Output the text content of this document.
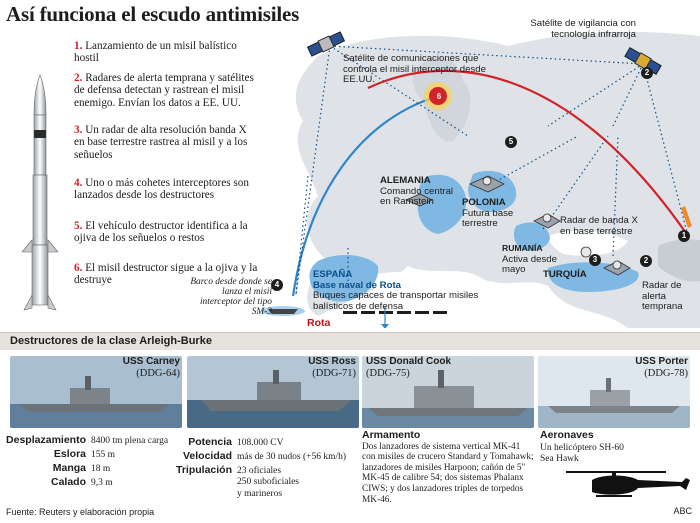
Así funciona el escudo antimisiles
1
2
2
3
4
5
6
Satélite de comunicaciones que controla el misil interceptor desde EE.UU.
Satélite de vigilancia con tecnología infrarroja
ALEMANIA
Comando central en Ramstein	POLONIA
Futura base terrestre
RUMANÍA
Activa desde mayo
Radar de banda X en base terrestre
TURQUÍA
Radar de alerta temprana
ESPAÑA
Base naval de Rota
Buques capaces de transportar misiles balísticos de defensa
Rota
Barco desde donde se lanza el misil interceptor del tipo SM-3
1. Lanzamiento de un misil balístico hostil
2. Radares de alerta temprana y satélites de defensa detectan y rastrean el misil enemigo. Envían los datos a EE. UU.
3. Un radar de alta resolución banda X en base terrestre rastrea al misil y a los señuelos
4. Uno o más cohetes interceptores son lanzados desde los destructores
5. El vehículo destructor identifica a la ojiva de los señuelos o restos
6. El misil destructor sigue a la ojiva y la destruye
Destructores de la clase Arleigh-Burke
USS Carney
(DDG-64)
USS Ross
(DDG-71)
USS Donald Cook
(DDG-75)
USS Porter
(DDG-78)
Desplazamiento 8400 tm plena carga
Eslora 155 m
Manga 18 m
Calado 9,3 m
Potencia 108.000 CV
Velocidad más de 30 nudos (+56 km/h)
Tripulación 23 oficiales
250 suboficiales
y marineros
Armamento
Dos lanzadores de sistema vertical MK-41 con misiles de crucero Standard y Tomahawk; lanzadores de misiles Harpoon; cañón de 5" MK-45 de calibre 54; dos sistemas Phalanx CIWS; y dos lanzadores triples de torpedos MK-46.
Aeronaves
Un helicóptero SH-60 Sea Hawk
Fuente: Reuters y elaboración propia	ABC
